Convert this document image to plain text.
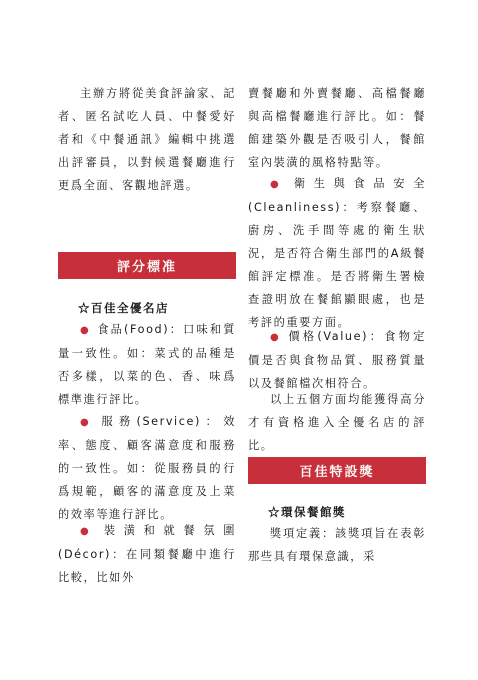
主辦方將從美食評論家、記者、匿名試吃人員、中餐愛好者和《中餐通訊》編輯中挑選出評審員，以對候選餐廳進行更爲全面、客觀地評選。

評分標准
☆百佳全優名店

● 食品(Food)：口味和質量一致性。如：菜式的品種是否多樣，以菜的色、香、味爲標準進行評比。

● 服務(Service)：效率、態度、顧客滿意度和服務的一致性。如：從服務員的行爲規範，顧客的滿意度及上菜的效率等進行評比。

● 裝潢和就餐氛圍(Décor)：在同類餐廳中進行比較，比如外

賣餐廳和外賣餐廳、高檔餐廳與高檔餐廳進行評比。如：餐館建築外觀是否吸引人，餐館室內裝潢的風格特點等。

● 衛生與食品安全(Cleanliness)：考察餐廳、廚房、洗手間等處的衛生狀況，是否符合衛生部門的A級餐館評定標准。是否將衛生署檢查證明放在餐館顯眼處，也是考評的重要方面。

● 價格(Value)：食物定價是否與食物品質、服務質量以及餐館檔次相符合。

以上五個方面均能獲得高分才有資格進入全優名店的評比。

百佳特設獎
☆環保餐館獎

獎項定義：該獎項旨在表彰那些具有環保意識，采
